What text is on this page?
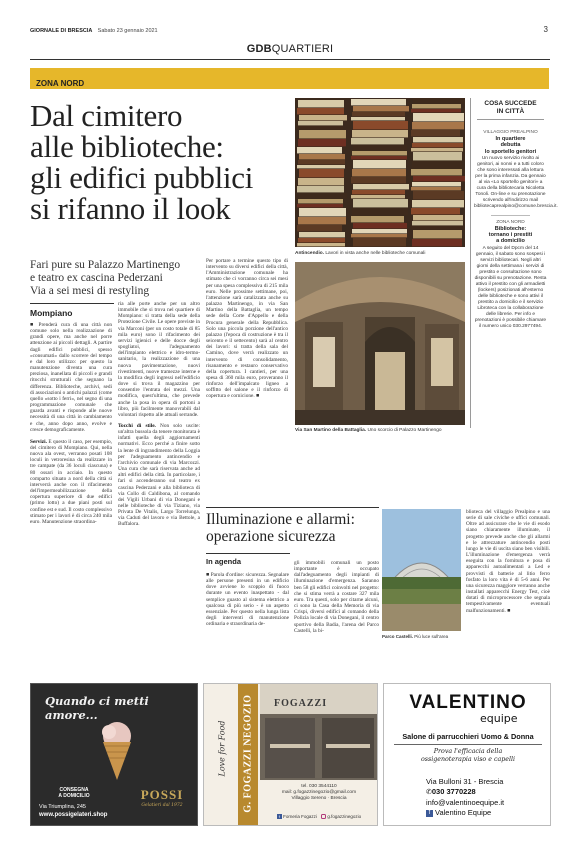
GIORNALE DI BRESCIA Sabato 23 gennaio 2021	3
GDBQUARTIERI
ZONA NORD
Dal cimitero
alle biblioteche:
gli edifici pubblici
si rifanno il look
Fari pure su Palazzo Martinengo
e teatro ex cascina Pederzani
Via a sei mesi di restyling
Mompiano
■ Prenderà cura di una città non comune solo nella realizzazione di grandi opere, ma anche nel porre attenzione ai piccoli dettagli. A partire dagli edifici pubblici, spesso «consumati» dallo scorrere del tempo e dal loro utilizzo: per questo la manutenzione diventa una cura preziosa, inanellata di piccoli e grandi ritocchi strutturali che segnano la differenza. Biblioteche, archivi, sedi di associazioni o antichi palazzi (come quello «sotto i ferri», nel segno di una programmazione comunale che guarda avanti e risponde alle nuove necessità di una città in cambiamento e che, anno dopo anno, evolve e cresce demograficamente.
Servizi. E questo il caso, per esempio, del cimitero di Mompiano. Qui, nella nuova ala ovest, verranno posati 108 loculi in vetroresina da realizzare in tre campate (da 36 loculi ciascuna) e 80 ossari in acciaio. In questo comparto situato a nord della città si interverrà anche con il rifacimento dell'impermeabilizzazione della copertura superiore di due edifici (primo lotto) a due piani posti sul confine est e sud. Il costo complessivo stimato per i lavori è di circa 240 mila euro. Manutenzione straordina-
ria alle porte anche per un altro immobile che si trova nel quartiere di Mompiano: si tratta della sede della Protezione Civile. Le opere previste in via Marconi (per un costo totale di 85 mila euro) sono il rifacimento dei servizi igienici e delle docce degli spogliatoi, l'adeguamento dell'impianto elettrico e idro-termo-sanitario, la realizzazione di una nuova pavimentazione, nuovi rivestimenti, nuove tramezze interne e la modifica degli ingressi nell'edificio dove si trova il magazzino per consentire l'entrata dei mezzi. Una modifica, quest'ultima, che prevede anche la posa in opera di portoni a libro, più facilmente manovrabili dal volontari rispetto alle attuali serrande.
Tocchi di stile. Non solo uscite: un'altra bussola da tenere monitorata è infatti quella degli aggiornamenti normativi. Ecco perché a finire sotto la lente di ingrandimento della Loggia per l'adeguamento antincendio e l'archivio comunale di via Marcozzi. Una cura che sarà riservata anche ad altri edifici della città. In particolare, i fari si accenderanno sul teatro ex cascina Pederzani e alla biblioteca di via Collo di Caldibona, al comando dei Vigili Urbani di via Donegani e nelle biblioteche di via Tiziano, via Privata De Vitalis, Largo Torrelunga, via Caduti del lavoro e via Bettole, a Buffalora.
Per portare a termine questo tipo di intervento su diversi edifici della città, l'Amministrazione comunale ha stimato che ci vorranno circa sei mesi per una spesa complessiva di 215 mila euro. Nelle prossime settimane, poi, l'attenzione sarà catalizzata anche su palazzo Martinengo, in via San Martino della Battaglia, un tempo sede della Corte d'Appello e della Procura generale della Repubblica. Solo una piccola porzione dell'antico palazzo (l'epoca di costruzione è tra il seicento e il settecento) sarà al centro dei lavori: si tratta della sala del Camino, dove verrà realizzato un intervento di consolidamento, risanamento e restauro conservativo della copertura. I cantieri, per una spesa di 360 mila euro, proveranno il rinforzo dell'impalcato ligneo a soffitto del salone e il rinforzo di copertura e cornicione. ■
Antincendio. Lavori in vista anche nelle biblioteche comunali
Via San Martino della Battaglia. Uno scorcio di Palazzo Martinengo
COSA SUCCEDE
IN CITTÀ
VILLAGGIO PREALPINO
In quartiere
debutta
lo sportello genitori
Un nuovo servizio rivolto ai genitori, ai nonni e a tutti coloro che sono interessati alla lettura per la prima infanzia. Da gennaio al via «Lo sportello genitori» a cura della bibliotecaria Nicoletta Tonoli. On-line e su prenotazione scrivendo all'indirizzo mail bibliotecaprealpino@comune.brescia.it.
ZONA NORD
Biblioteche:
tornano i prestiti
a domicilio
A seguito del Dpcm del 14 gennaio, il sabato sono sospesi i servizi bibliotecari. Negli altri giorni della settimana i servizi di prestito e consultazione sono disponibili su prenotazione. Resta attivo il prestito con gli armadietti (lockers) posizionati all'esterno delle biblioteche e sono attivi il prestito a domicilio e il servizio Libroteca con la collaborazione delle librerie. Per info e prenotazioni è possibile chiamare il numero unico 030.2977494.
Illuminazione e allarmi:
operazione sicurezza
In agenda
■ Parola d'ordine: sicurezza. Segnalare alle persone presenti in un edificio dove avviene lo scoppio di fuoco durante un evento inaspettato - dal semplice guasto al sistema elettrico a qualcosa di più serio - è un aspetto essenziale. Per questo nella lunga lista degli interventi di manutenzione ordinaria e straordinaria de-
gli immobili comunali un posto importante è occupato dall'adeguamento degli impianti di illuminazione d'emergenza. Saranno ben 58 gli edifici coinvolti nel progetto: che si stima verrà a costare 327 mila euro. Tra questi, solo per citarne alcuni, ci sono la Casa della Memoria di via Crispi, diversi edifici al comando della Polizia locale di via Donegani, il centro sportivo della Badia, l'arena del Parco Castelli, la bi-
Parco Castelli. Più luce sull'area
blioteca del villaggio Prealpino e una serie di sale civiche e uffici comunali. Oltre ad assicurare che le vie di esodo siano chiaramente illuminate, il progetto prevede anche che gli allarmi e le attrezzature antincendio posti lungo le vie di uscita siano ben visibili. L'illuminazione d'emergenza verrà eseguita con la fornitura e posa di apparecchi autoalimentati a Led e provvisti di batterie al litio ferro fosfato la loro vita è di 5-6 anni. Per una sicurezza maggiore verranno anche installati apparecchi Energy Test, cioè dotati di microprocessore che segnala tempestivamente eventuali malfunzionamenti. ■
Quando ci metti amore...
CONSEGNA
A DOMICILIO
Via Triumplina, 245
www.possigelateri.shop
POSSI
Gelatieri dal 1972
Love for Food G. FOGAZZI NEGOZIO FOGAZZI
tel. 030 3544110
mail: g.fogazzinegozio@gmail.com
Villaggio Sereno · Brescia
f Forneria Fogazzi g.fogazzinegozio
VALENTINO
equipe
Salone di parrucchieri Uomo & Donna
Prova l'efficacia della
ossigenoterapia viso e capelli
Via Bulloni 31 - Brescia
✆030 3770228
info@valentinoequipe.it
f Valentino Equipe
